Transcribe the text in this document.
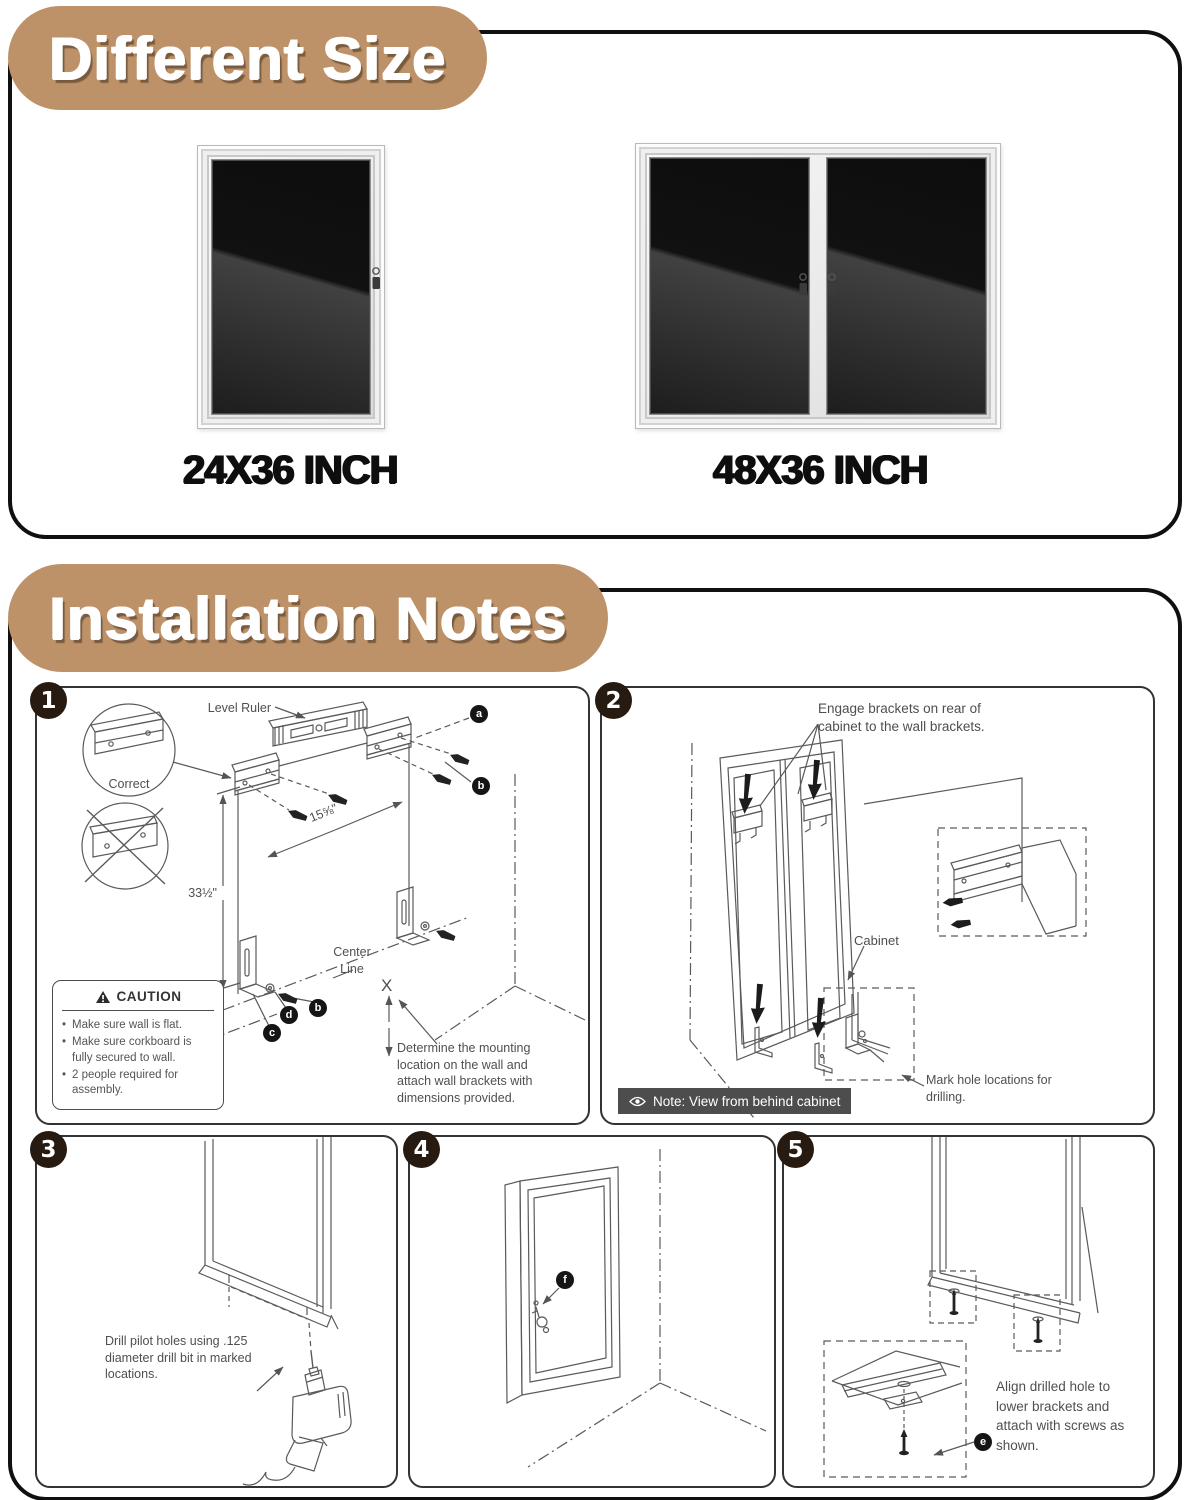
Different Size
24X36 INCH	48X36 INCH
Installation Notes
1	Level Ruler
Correct
33½"
15⅝"
Center Line
X
a
b
c
d
b
CAUTION
• Make sure wall is flat.
• Make sure corkboard is fully secured to wall.
• 2 people required for assembly.
Determine the mounting location on the wall and attach wall brackets with dimensions provided.
2	Engage brackets on rear of cabinet to the wall brackets.
Cabinet
Mark hole locations for drilling.
Note: View from behind cabinet
3
Drill pilot holes using .125 diameter drill bit in marked locations.
4
f
5
e
Align drilled hole to lower brackets and attach with screws as shown.
